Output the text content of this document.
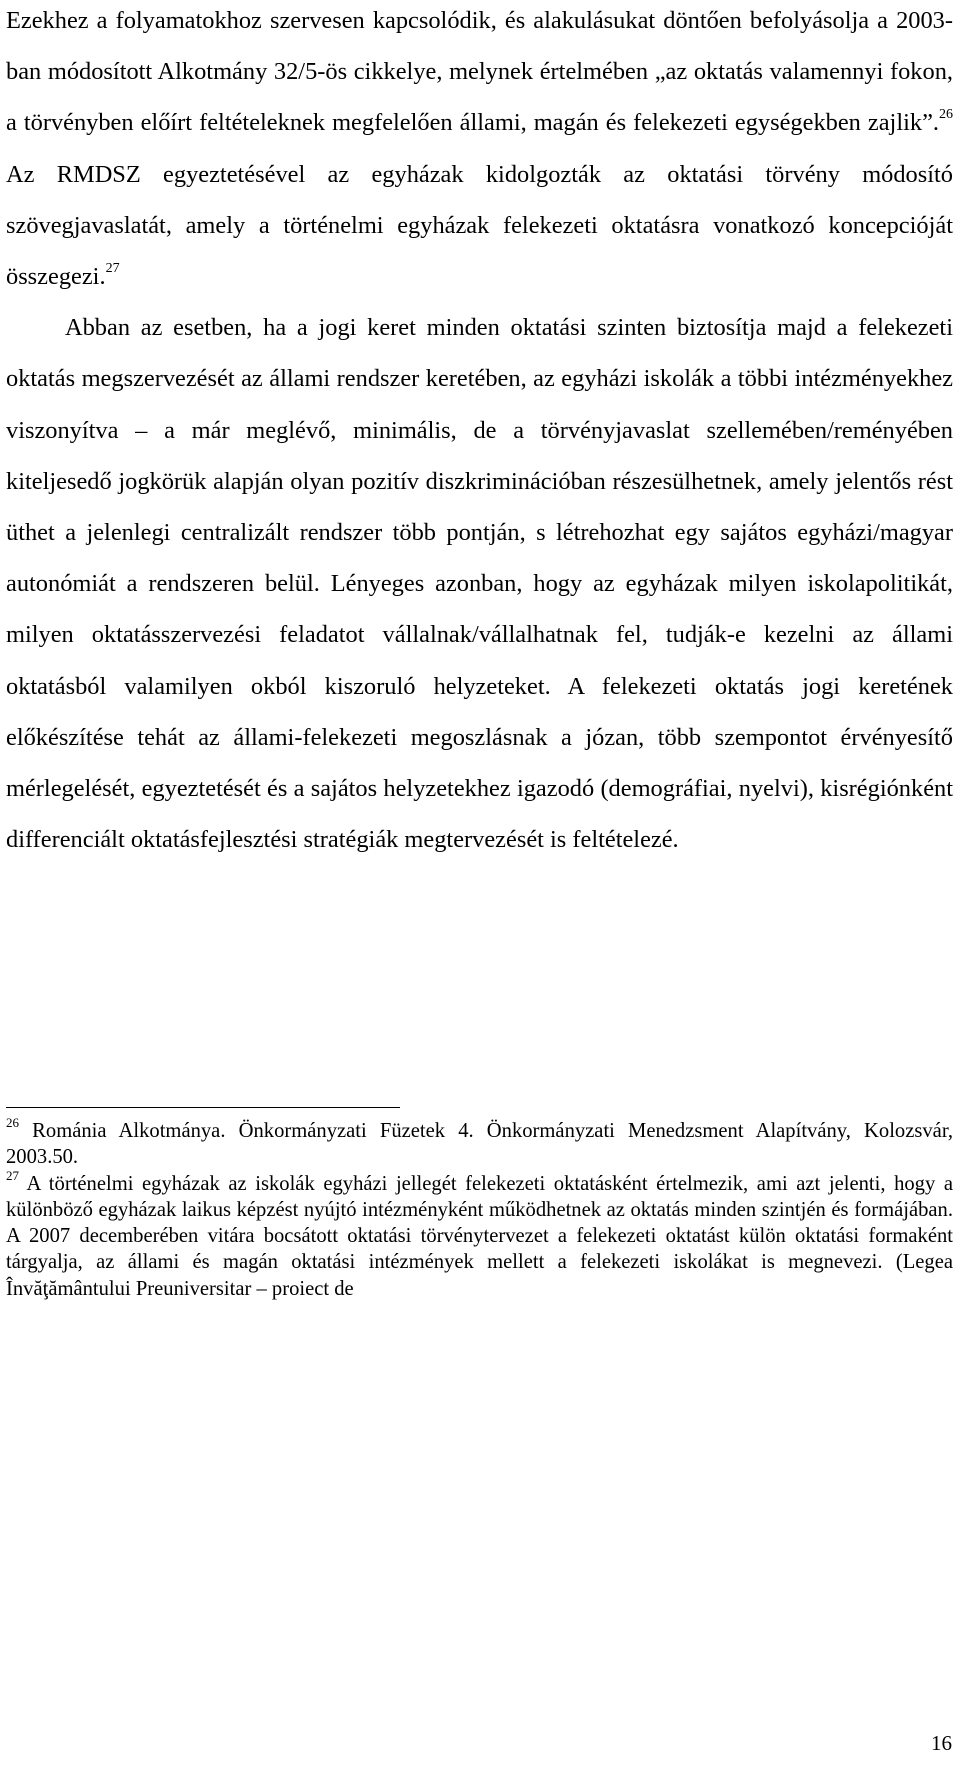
Ezekhez a folyamatokhoz szervesen kapcsolódik, és alakulásukat döntően befolyásolja a 2003-ban módosított Alkotmány 32/5-ös cikkelye, melynek értelmében „az oktatás valamennyi fokon, a törvényben előírt feltételeknek megfelelően állami, magán és felekezeti egységekben zajlik”.$^{26}$ Az RMDSZ egyeztetésével az egyházak kidolgozták az oktatási törvény módosító szövegjavaslatát, amely a történelmi egyházak felekezeti oktatásra vonatkozó koncepcióját összegezi.$^{27}$

Abban az esetben, ha a jogi keret minden oktatási szinten biztosítja majd a felekezeti oktatás megszervezését az állami rendszer keretében, az egyházi iskolák a többi intézményekhez viszonyítva – a már meglévő, minimális, de a törvényjavaslat szellemében/reményében kiteljesedő jogkörük alapján olyan pozitív diszkriminációban részesülhetnek, amely jelentős rést üthet a jelenlegi centralizált rendszer több pontján, s létrehozhat egy sajátos egyházi/magyar autonómiát a rendszeren belül. Lényeges azonban, hogy az egyházak milyen iskolapolitikát, milyen oktatásszervezési feladatot vállalnak/vállalhatnak fel, tudják-e kezelni az állami oktatásból valamilyen okból kiszoruló helyzeteket. A felekezeti oktatás jogi keretének előkészítése tehát az állami-felekezeti megoszlásnak a józan, több szempontot érvényesítő mérlegelését, egyeztetését és a sajátos helyzetekhez igazodó (demográfiai, nyelvi), kisrégiónként differenciált oktatásfejlesztési stratégiák megtervezését is feltételezé.

$^{26}$ Románia Alkotmánya. Önkormányzati Füzetek 4. Önkormányzati Menedzsment Alapítvány, Kolozsvár, 2003.50.

$^{27}$ A történelmi egyházak az iskolák egyházi jellegét felekezeti oktatásként értelmezik, ami azt jelenti, hogy a különböző egyházak laikus képzést nyújtó intézményként működhetnek az oktatás minden szintjén és formájában. A 2007 decemberében vitára bocsátott oktatási törvénytervezet a felekezeti oktatást külön oktatási formaként tárgyalja, az állami és magán oktatási intézmények mellett a felekezeti iskolákat is megnevezi. (Legea Învăţământului Preuniversitar – proiect de

16
